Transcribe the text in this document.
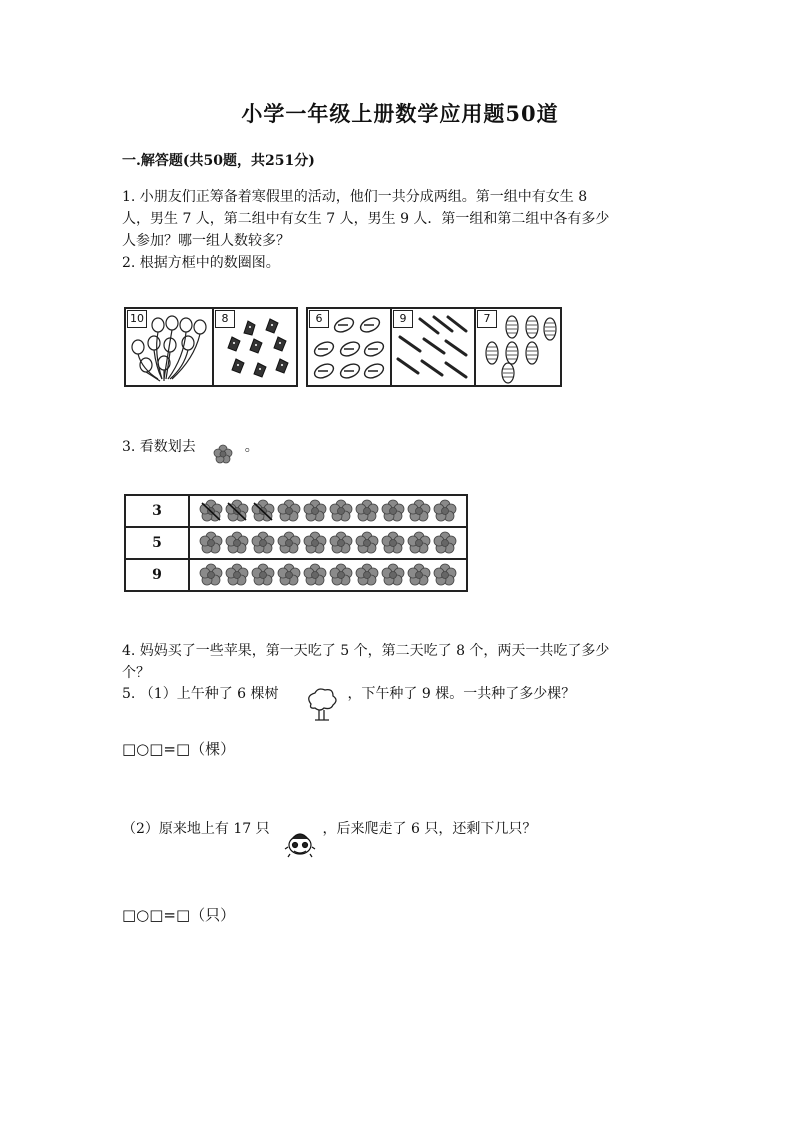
小学一年级上册数学应用题50道
一.解答题(共50题，共251分)
1. 小朋友们正筹备着寒假里的活动，他们一共分成两组。第一组中有女生 8
人，男生 7 人，第二组中有女生 7 人，男生 9 人．第一组和第二组中各有多少
人参加？哪一组人数较多？
2. 根据方框中的数圈图。
10	8	6	9	7
3. 看数划去	。
3	

5	

9	
4. 妈妈买了一些苹果，第一天吃了 5 个，第二天吃了 8 个，两天一共吃了多少
个？
5. （1）上午种了 6 棵树	，下午种了 9 棵。一共种了多少棵？
□○□=□（棵）
（2）原来地上有 17 只	，后来爬走了 6 只，还剩下几只？
□○□=□（只）
